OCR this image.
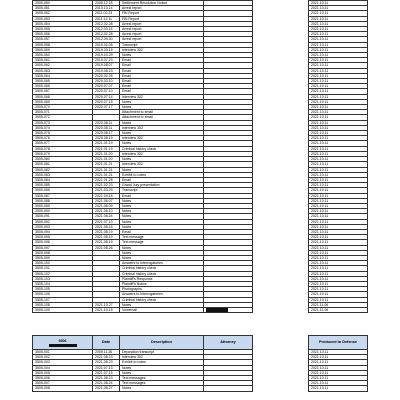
3505-050	2008.12.18	Settlement Resolution Notice			2021.10.11
3505-051	2010.10.14	Arrest report			2021.10.11
3505-052	2011.02.23	FBI Report			2021.10.11
3505-053	2011.12.11	FBI Report			2021.10.11
3505-054	2012.02.28	Arrest report			2021.10.11
3505-055	2012.03.14	Arrest report			2021.10.11
3505-056	2012.02.28	Arrest report			2021.10.11
3505-057	2012.09.30	Arrest report			2021.10.11
3505-058	2019.02.05	Transcript			2021.10.11
3505-059	2019.03.15	Interview 302			2021.10.11
3505-060	2019.03.29	Notes			2021.10.11
3505-061	2019.07.23	Email			2021.10.11
3505-062	2019.08.07	Email			2021.10.11
3505-063	2019.08.23	Email			2021.10.11
3505-064	2020.02.25	Email			2021.10.11
3505-065	2020.03.10	Email			2021.10.11
3505-066	2020.07.07	Email			2021.10.11
3505-067	2020.07.10	Email			2021.10.11
3505-068	2020.07.14	Interview 302			2021.10.11
3505-069	2020.07.15	Notes			2021.10.11
3505-070	2020.07.17	Notes			2021.10.11
3505-071		Attachment to email			2021.10.11
3505-072		Attachment to email			2021.10.11
3505-073	2020.08.11	Notes			2021.10.11
3505-074	2020.08.11	Interview 302			2021.10.11
3505-075	2020.08.17	Notes			2021.10.11
3505-076	2020.08.19	Interview 302			2021.10.11
3505-077	2021.01.19	Notes			2021.10.11
3505-078	2021.01.19	Criminal history check			2021.10.11
3505-079	2021.01.20	Interview 302			2021.10.11
3505-080	2021.01.20	Notes			2021.10.11
3505-081	2021.01.21	Interview 302			2021.10.11
3505-082	2021.01.21	Notes			2021.10.11
3505-083	2021.01.21	Exhibit to notes			2021.10.11
3505-084	2021.01.28	Email			2021.10.11
3505-085	2021.02.23	Grand Jury presentation			2021.10.11
3505-086	2021.03.29	Transcript			2021.10.11
3505-087	2021.04.18	Email			2021.10.11
3505-088	2021.06.07	Notes			2021.10.11
3505-089	2021.06.09	Notes			2021.10.11
3505-090	2021.06.10	Notes			2021.10.11
3505-091	2021.06.24	Notes			2021.10.11
3505-092	2021.07.13	Notes			2021.10.11
3505-093	2021.08.16	Notes			2021.10.11
3505-094	2021.08.19	Email			2021.10.11
3505-095	2021.08.19	Text message			2021.10.11
3505-096	2021.08.19	Text message			2021.10.11
3505-097	2021.08.26	Notes			2021.10.11
3505-098		Notes			2021.10.11
3505-099		Notes			2021.10.11
3505-100		Answers to Interrogatories			2021.10.11
3505-101		Criminal history check			2021.10.11
3505-102		Criminal history check			2021.10.11
3505-103		Plaintiff's Response			2021.10.11
3505-104		Plaintiff's Notice			2021.10.11
3505-105		Photographs			2021.10.11
3505-106		Answers to Interrogatories			2021.10.11
3505-107		Criminal history check			2021.10.11
3505-108	2021.10.27	Notes			2021.11.06
3505-109	2021.10.15	Voicemail			2021.11.06
3506	Date	Description	Attorney		Produced to Defense
3505-001	2009.11.26	Deposition transcript			2021.10.11
3505-002	2021.08.23	Interview 302			2021.10.11
3505-003	2021.08.23	Exhibit to notes			2021.10.11
3505-004	2021.07.13	Notes			2021.10.11
3505-005	2021.07.15	Notes			2021.10.11
3505-006	2021.08.23	Text messages			2021.10.11
3505-007	2021.08.24	Text messages			2021.10.11
3505-008	2021.08.27	Notes			2021.10.11
